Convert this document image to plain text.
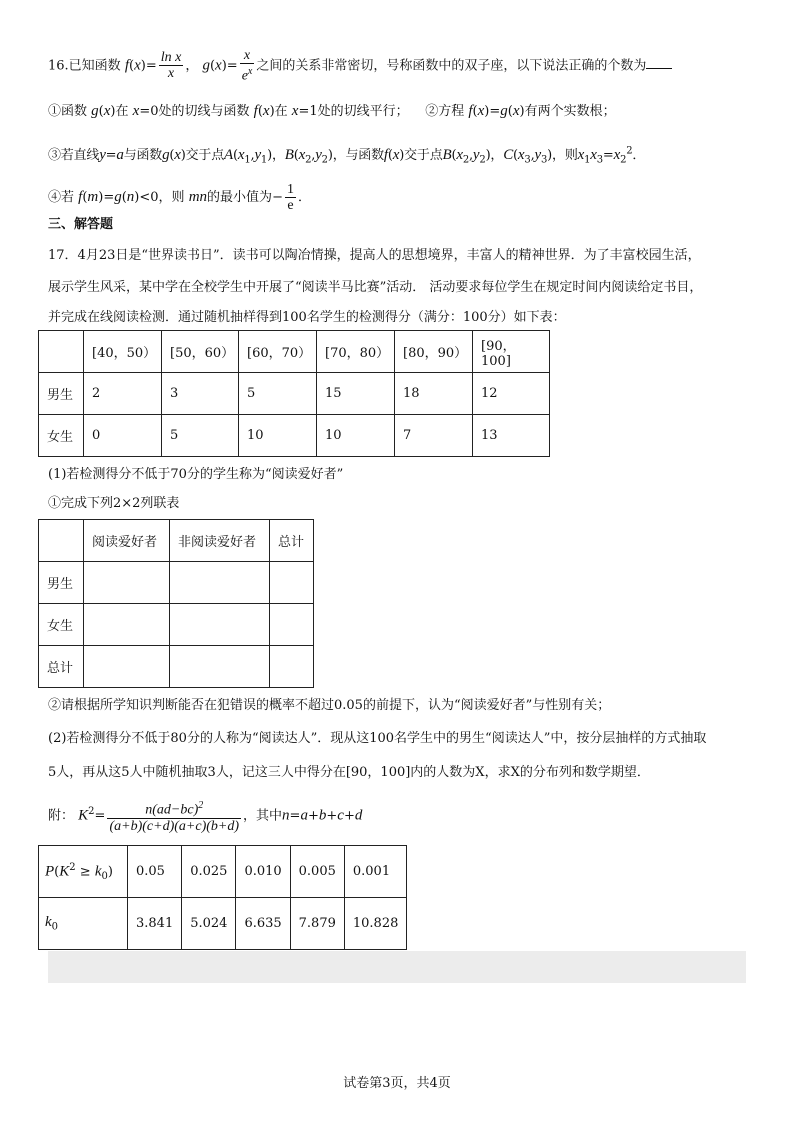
16.已知函数 $f(x)= \frac{\text{ln x}}{x}$ ， $g(x)= \frac{x}{e^x}$ 之间的关系非常密切，号称函数中的双子座，以下说法正确的个数为
①函数 g(x)在 x=0处的切线与函数 f(x)在 x=1处的切线平行； ②方程 f(x)=g(x)有两个实数根；
③若直线y=a与函数g(x)交于点$A(x_1,y_1)$，$B(x_2,y_2)$，与函数f(x)交于点$B(x_2,y_2)$，$C(x_3,y_3)$，则$x_1x_3=x_2^2$．
④若 f(m)=g(n)<0，则 mn的最小值为− $\frac{1}{e}$ ．
三、解答题
17．4月23日是“世界读书日”．读书可以陶冶情操，提高人的思想境界，丰富人的精神世界．为了丰富校园生活，
展示学生风采，某中学在全校学生中开展了“阅读半马比赛”活动． 活动要求每位学生在规定时间内阅读给定书目，
并完成在线阅读检测．通过随机抽样得到100名学生的检测得分（满分：100分）如下表：
	[40，50）	[50，60）	[60，70）	[70，80）	[80，90）	[90，100]
男生	2	3	5	15	18	12
女生	0	5	10	10	7	13
(1)若检测得分不低于70分的学生称为“阅读爱好者”
①完成下列2×2列联表
	阅读爱好者	非阅读爱好者	总计
男生			
女生			
总计			
②请根据所学知识判断能否在犯错误的概率不超过0.05的前提下，认为“阅读爱好者”与性别有关；
(2)若检测得分不低于80分的人称为“阅读达人”．现从这100名学生中的男生“阅读达人”中，按分层抽样的方式抽取
5人，再从这5人中随机抽取3人，记这三人中得分在[90，100]内的人数为X，求X的分布列和数学期望．
附： $K^2= \frac{n(ad-bc)^2}{(a+b)(c+d)(a+c)(b+d)}$ ，其中n=a+b+c+d
$P(K^2 \ge k_0)$	0.05	0.025	0.010	0.005	0.001
$k_0$	3.841	5.024	6.635	7.879	10.828
试卷第3页，共4页
